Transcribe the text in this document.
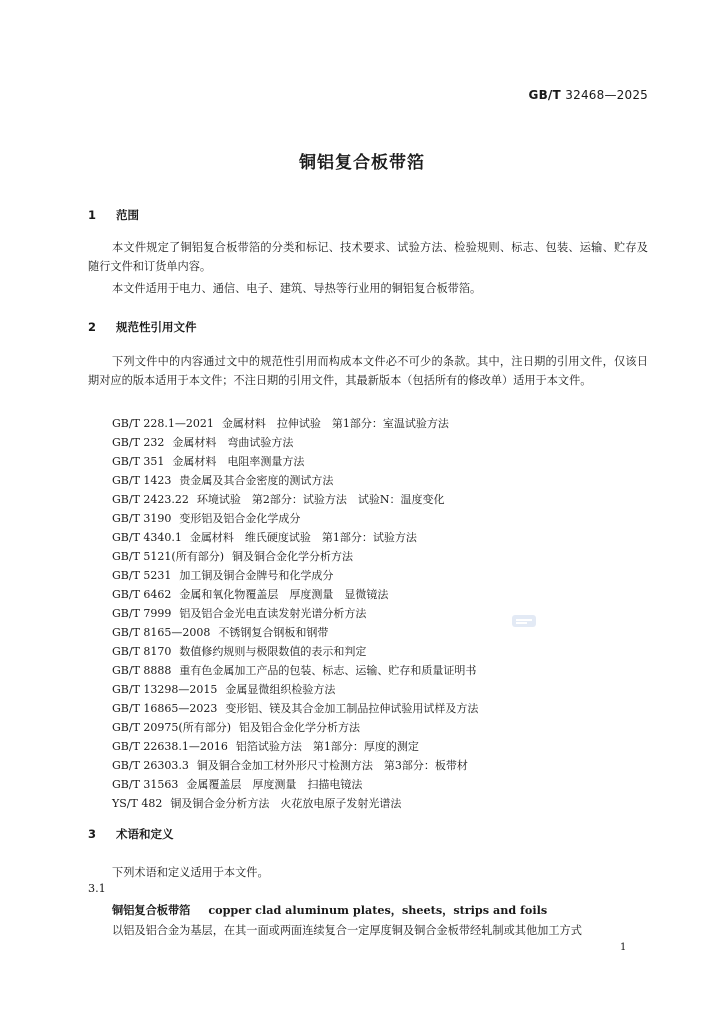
GB/T 32468—2025
铜铝复合板带箔
1 范围
本文件规定了铜铝复合板带箔的分类和标记、技术要求、试验方法、检验规则、标志、包装、运输、贮存及随行文件和订货单内容。
本文件适用于电力、通信、电子、建筑、导热等行业用的铜铝复合板带箔。
2 规范性引用文件
下列文件中的内容通过文中的规范性引用而构成本文件必不可少的条款。其中，注日期的引用文件，仅该日期对应的版本适用于本文件；不注日期的引用文件，其最新版本（包括所有的修改单）适用于本文件。
GB/T 228.1—2021 金属材料　拉伸试验　第1部分：室温试验方法
GB/T 232 金属材料　弯曲试验方法
GB/T 351 金属材料　电阻率测量方法
GB/T 1423 贵金属及其合金密度的测试方法
GB/T 2423.22 环境试验　第2部分：试验方法　试验N：温度变化
GB/T 3190 变形铝及铝合金化学成分
GB/T 4340.1 金属材料　维氏硬度试验　第1部分：试验方法
GB/T 5121(所有部分) 铜及铜合金化学分析方法
GB/T 5231 加工铜及铜合金牌号和化学成分
GB/T 6462 金属和氧化物覆盖层　厚度测量　显微镜法
GB/T 7999 铝及铝合金光电直读发射光谱分析方法
GB/T 8165—2008 不锈钢复合钢板和钢带
GB/T 8170 数值修约规则与极限数值的表示和判定
GB/T 8888 重有色金属加工产品的包装、标志、运输、贮存和质量证明书
GB/T 13298—2015 金属显微组织检验方法
GB/T 16865—2023 变形铝、镁及其合金加工制品拉伸试验用试样及方法
GB/T 20975(所有部分) 铝及铝合金化学分析方法
GB/T 22638.1—2016 铝箔试验方法　第1部分：厚度的测定
GB/T 26303.3 铜及铜合金加工材外形尺寸检测方法　第3部分：板带材
GB/T 31563 金属覆盖层　厚度测量　扫描电镜法
YS/T 482 铜及铜合金分析方法　火花放电原子发射光谱法
3 术语和定义
下列术语和定义适用于本文件。
3.1
铜铝复合板带箔 copper clad aluminum plates，sheets，strips and foils
以铝及铝合金为基层，在其一面或两面连续复合一定厚度铜及铜合金板带经轧制或其他加工方式
1
